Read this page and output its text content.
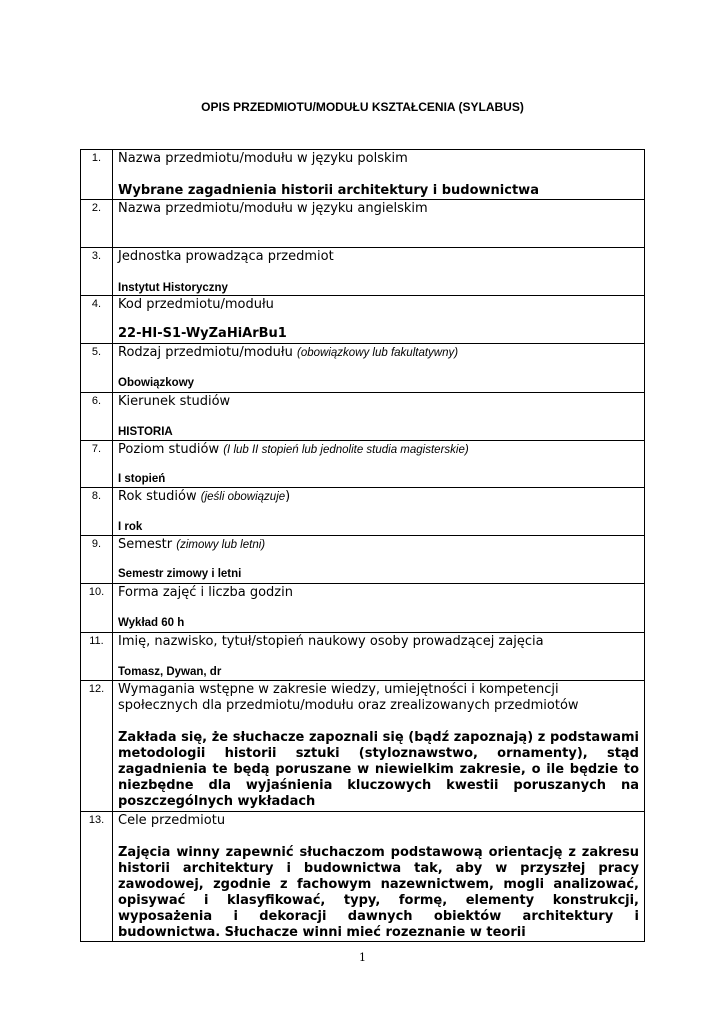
OPIS PRZEDMIOTU/MODUŁU KSZTAŁCENIA (SYLABUS)
1.	Nazwa przedmiotu/modułu w języku polskim
Wybrane zagadnienia historii architektury i budownictwa

2.	Nazwa przedmiotu/modułu w języku angielskim

3.	Jednostka prowadząca przedmiot
Instytut Historyczny

4.	Kod przedmiotu/modułu
22-HI-S1-WyZaHiArBu1

5.	Rodzaj przedmiotu/modułu (obowiązkowy lub fakultatywny)
Obowiązkowy

6.	Kierunek studiów
HISTORIA

7.	Poziom studiów (I lub II stopień lub jednolite studia magisterskie)
I stopień

8.	Rok studiów (jeśli obowiązuje)
I rok

9.	Semestr (zimowy lub letni)
Semestr zimowy i letni

10.	Forma zajęć i liczba godzin
Wykład 60 h

11.	Imię, nazwisko, tytuł/stopień naukowy osoby prowadzącej zajęcia
Tomasz, Dywan, dr

12.	Wymagania wstępne w zakresie wiedzy, umiejętności i kompetencji społecznych dla przedmiotu/modułu oraz zrealizowanych przedmiotów
Zakłada się, że słuchacze zapoznali się (bądź zapoznają) z podstawami metodologii historii sztuki (styloznawstwo, ornamenty), stąd zagadnienia te będą poruszane w niewielkim zakresie, o ile będzie to niezbędne dla wyjaśnienia kluczowych kwestii poruszanych na poszczególnych wykładach

13.	Cele przedmiotu
Zajęcia winny zapewnić słuchaczom podstawową orientację z zakresu historii architektury i budownictwa tak, aby w przyszłej pracy zawodowej, zgodnie z fachowym nazewnictwem, mogli analizować, opisywać i klasyfikować, typy, formę, elementy konstrukcji, wyposażenia i dekoracji dawnych obiektów architektury i budownictwa. Słuchacze winni mieć rozeznanie w teorii
1
